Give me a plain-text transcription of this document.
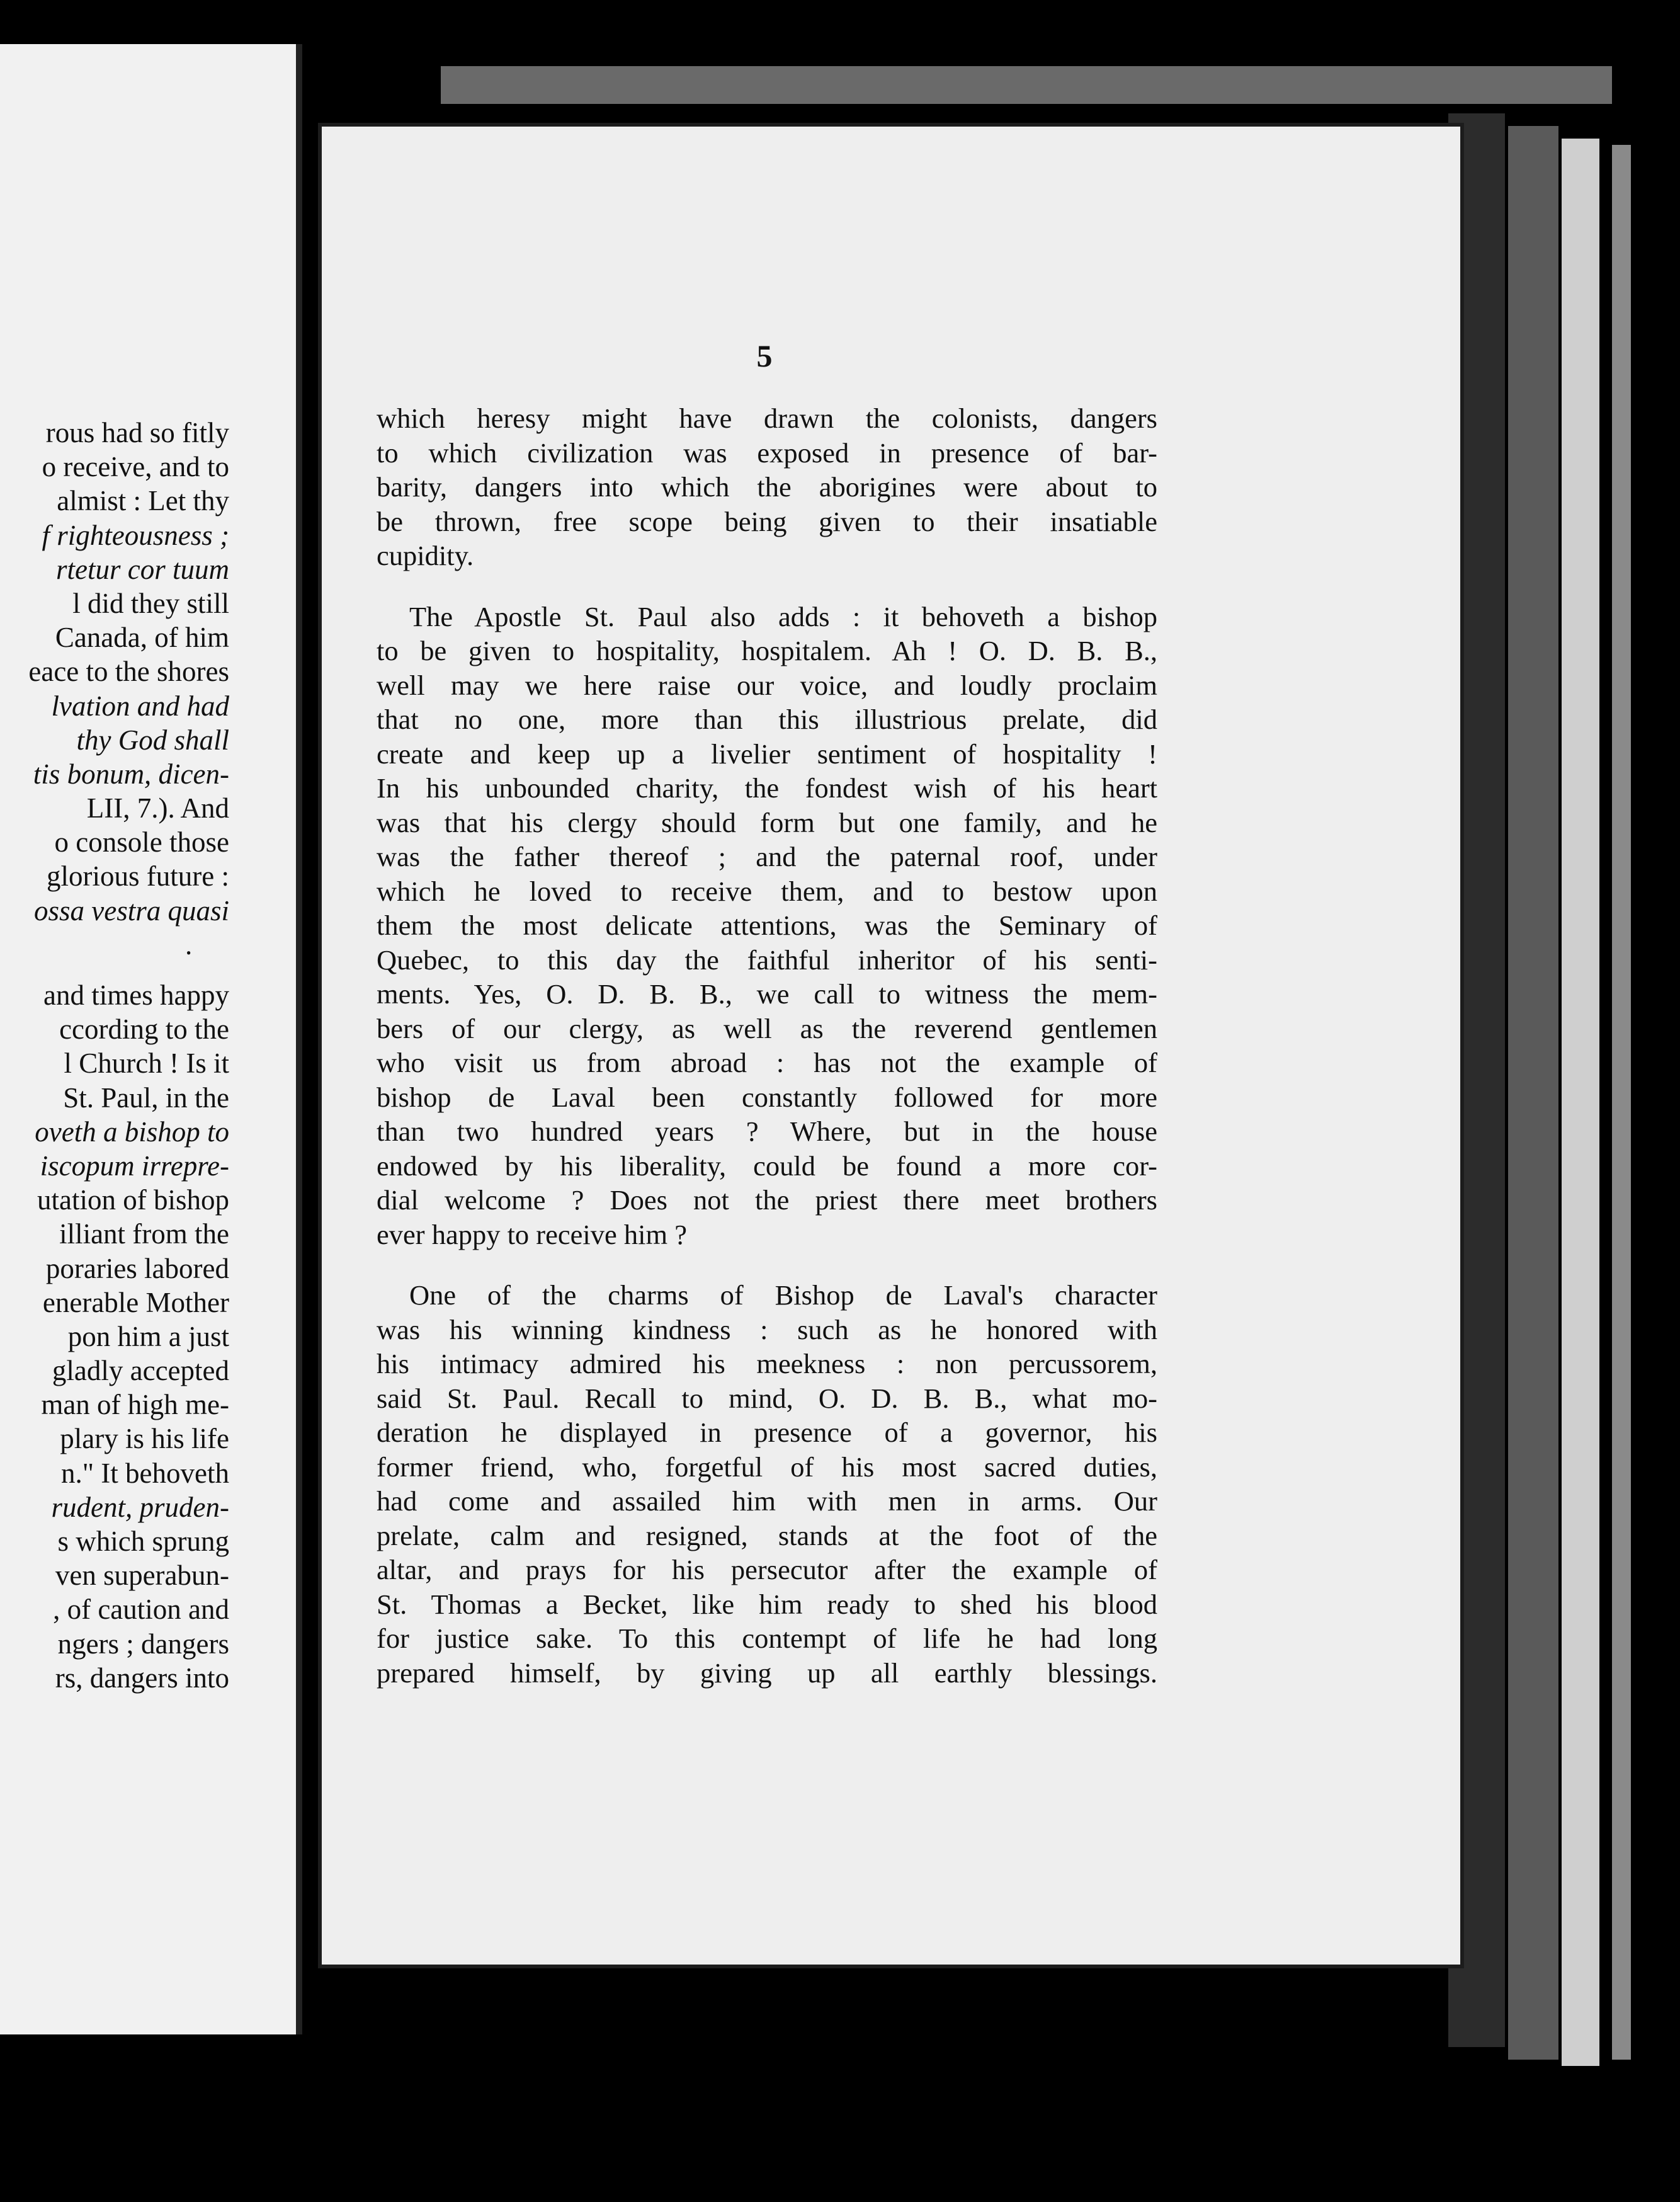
rous had so fitly
o receive, and to
almist : Let thy
f righteousness ;
rtetur cor tuum
l did they still
Canada, of him
eace to the shores
lvation and had
thy God shall
tis bonum, dicen-
LII, 7.). And
o console those
glorious future :
ossa vestra quasi
.
and times happy
ccording to the
l Church ! Is it
St. Paul, in the
oveth a bishop to
iscopum irrepre-
utation of bishop
illiant from the
poraries labored
enerable Mother
pon him a just
gladly accepted
man of high me-
plary is his life
n." It behoveth
rudent, pruden-
s which sprung
ven superabun-
, of caution and
ngers ; dangers
rs, dangers into
5
which heresy might have drawn the colonists, dangers
to which civilization was exposed in presence of bar-
barity, dangers into which the aborigines were about to
be thrown, free scope being given to their insatiable
cupidity.
The Apostle St. Paul also adds : it behoveth a bishop
to be given to hospitality, hospitalem. Ah ! O. D. B. B.,
well may we here raise our voice, and loudly proclaim
that no one, more than this illustrious prelate, did
create and keep up a livelier sentiment of hospitality !
In his unbounded charity, the fondest wish of his heart
was that his clergy should form but one family, and he
was the father thereof ; and the paternal roof, under
which he loved to receive them, and to bestow upon
them the most delicate attentions, was the Seminary of
Quebec, to this day the faithful inheritor of his senti-
ments. Yes, O. D. B. B., we call to witness the mem-
bers of our clergy, as well as the reverend gentlemen
who visit us from abroad : has not the example of
bishop de Laval been constantly followed for more
than two hundred years ? Where, but in the house
endowed by his liberality, could be found a more cor-
dial welcome ? Does not the priest there meet brothers
ever happy to receive him ?
One of the charms of Bishop de Laval's character
was his winning kindness : such as he honored with
his intimacy admired his meekness : non percussorem,
said St. Paul. Recall to mind, O. D. B. B., what mo-
deration he displayed in presence of a governor, his
former friend, who, forgetful of his most sacred duties,
had come and assailed him with men in arms. Our
prelate, calm and resigned, stands at the foot of the
altar, and prays for his persecutor after the example of
St. Thomas a Becket, like him ready to shed his blood
for justice sake. To this contempt of life he had long
prepared himself, by giving up all earthly blessings.
